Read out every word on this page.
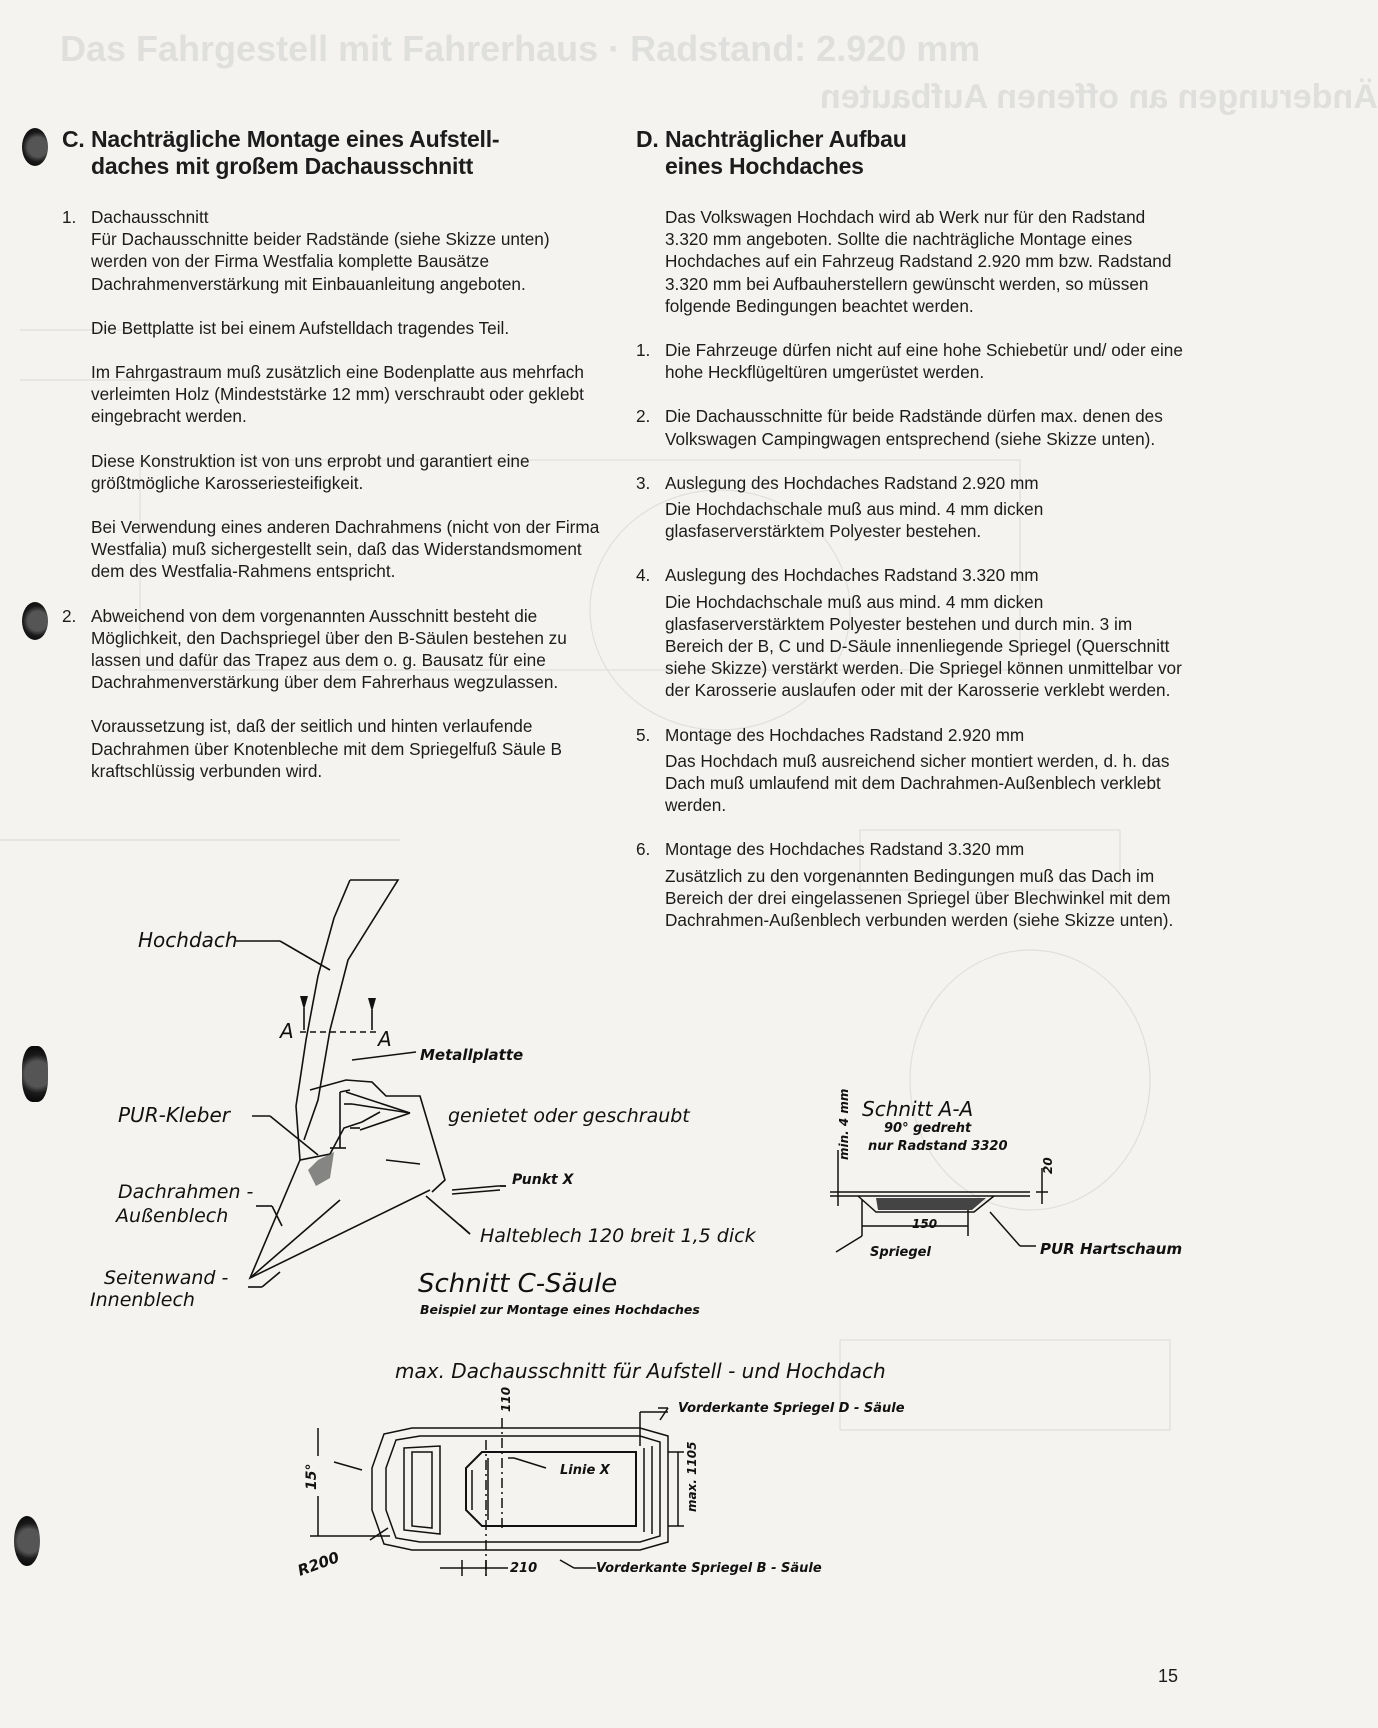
Das Fahrgestell mit Fahrerhaus · Radstand: 2.920 mm
Änderungen an offenen Aufbauten
C. Nachträgliche Montage eines Aufstell-
daches mit großem Dachausschnitt
1. Dachausschnitt

Für Dachausschnitte beider Radstände (siehe Skizze unten) werden von der Firma Westfalia komplette Bausätze Dachrahmenverstärkung mit Einbauanleitung angeboten.

Die Bettplatte ist bei einem Aufstelldach tragendes Teil.

Im Fahrgastraum muß zusätzlich eine Bodenplatte aus mehrfach verleimten Holz (Mindeststärke 12 mm) verschraubt oder geklebt eingebracht werden.

Diese Konstruktion ist von uns erprobt und garantiert eine größtmögliche Karosseriesteifigkeit.

Bei Verwendung eines anderen Dachrahmens (nicht von der Firma Westfalia) muß sichergestellt sein, daß das Widerstandsmoment dem des Westfalia-Rahmens entspricht.

2. Abweichend von dem vorgenannten Ausschnitt besteht die Möglichkeit, den Dachspriegel über den B-Säulen bestehen zu lassen und dafür das Trapez aus dem o. g. Bausatz für eine Dachrahmenverstärkung über dem Fahrerhaus wegzulassen.

Voraussetzung ist, daß der seitlich und hinten verlaufende Dachrahmen über Knotenbleche mit dem Spriegelfuß Säule B kraftschlüssig verbunden wird.

D. Nachträglicher Aufbau
eines Hochdaches
Das Volkswagen Hochdach wird ab Werk nur für den Radstand 3.320 mm angeboten. Sollte die nachträgliche Montage eines Hochdaches auf ein Fahrzeug Radstand 2.920 mm bzw. Radstand 3.320 mm bei Aufbauherstellern gewünscht werden, so müssen folgende Bedingungen beachtet werden.
1. Die Fahrzeuge dürfen nicht auf eine hohe Schiebetür und/ oder eine hohe Heckflügeltüren umgerüstet werden.

2. Die Dachausschnitte für beide Radstände dürfen max. denen des Volkswagen Campingwagen entsprechend (siehe Skizze unten).

3. Auslegung des Hochdaches Radstand 2.920 mm

Die Hochdachschale muß aus mind. 4 mm dicken glasfaserverstärktem Polyester bestehen.

4. Auslegung des Hochdaches Radstand 3.320 mm

Die Hochdachschale muß aus mind. 4 mm dicken glasfaserverstärktem Polyester bestehen und durch min. 3 im Bereich der B, C und D-Säule innenliegende Spriegel (Querschnitt siehe Skizze) verstärkt werden. Die Spriegel können unmittelbar vor der Karosserie auslaufen oder mit der Karosserie verklebt werden.

5. Montage des Hochdaches Radstand 2.920 mm

Das Hochdach muß ausreichend sicher montiert werden, d. h. das Dach muß umlaufend mit dem Dachrahmen-Außenblech verklebt werden.

6. Montage des Hochdaches Radstand 3.320 mm

Zusätzlich zu den vorgenannten Bedingungen muß das Dach im Bereich der drei eingelassenen Spriegel über Blechwinkel mit dem Dachrahmen-Außenblech verbunden werden (siehe Skizze unten).

Hochdach
A	A
Metallplatte
PUR-Kleber	genietet oder geschraubt
Dachrahmen -
Außenblech
Punkt X
Halteblech 120 breit 1,5 dick
Seitenwand -
Innenblech
Schnitt C-Säule
Beispiel zur Montage eines Hochdaches
Schnitt A-A
90° gedreht
nur Radstand 3320
min. 4 mm
20
150
Spriegel	PUR Hartschaum
max. Dachausschnitt für Aufstell - und Hochdach
110	Vorderkante Spriegel D - Säule
Linie X	max. 1105
15°
R200	210	Vorderkante Spriegel B - Säule
15
